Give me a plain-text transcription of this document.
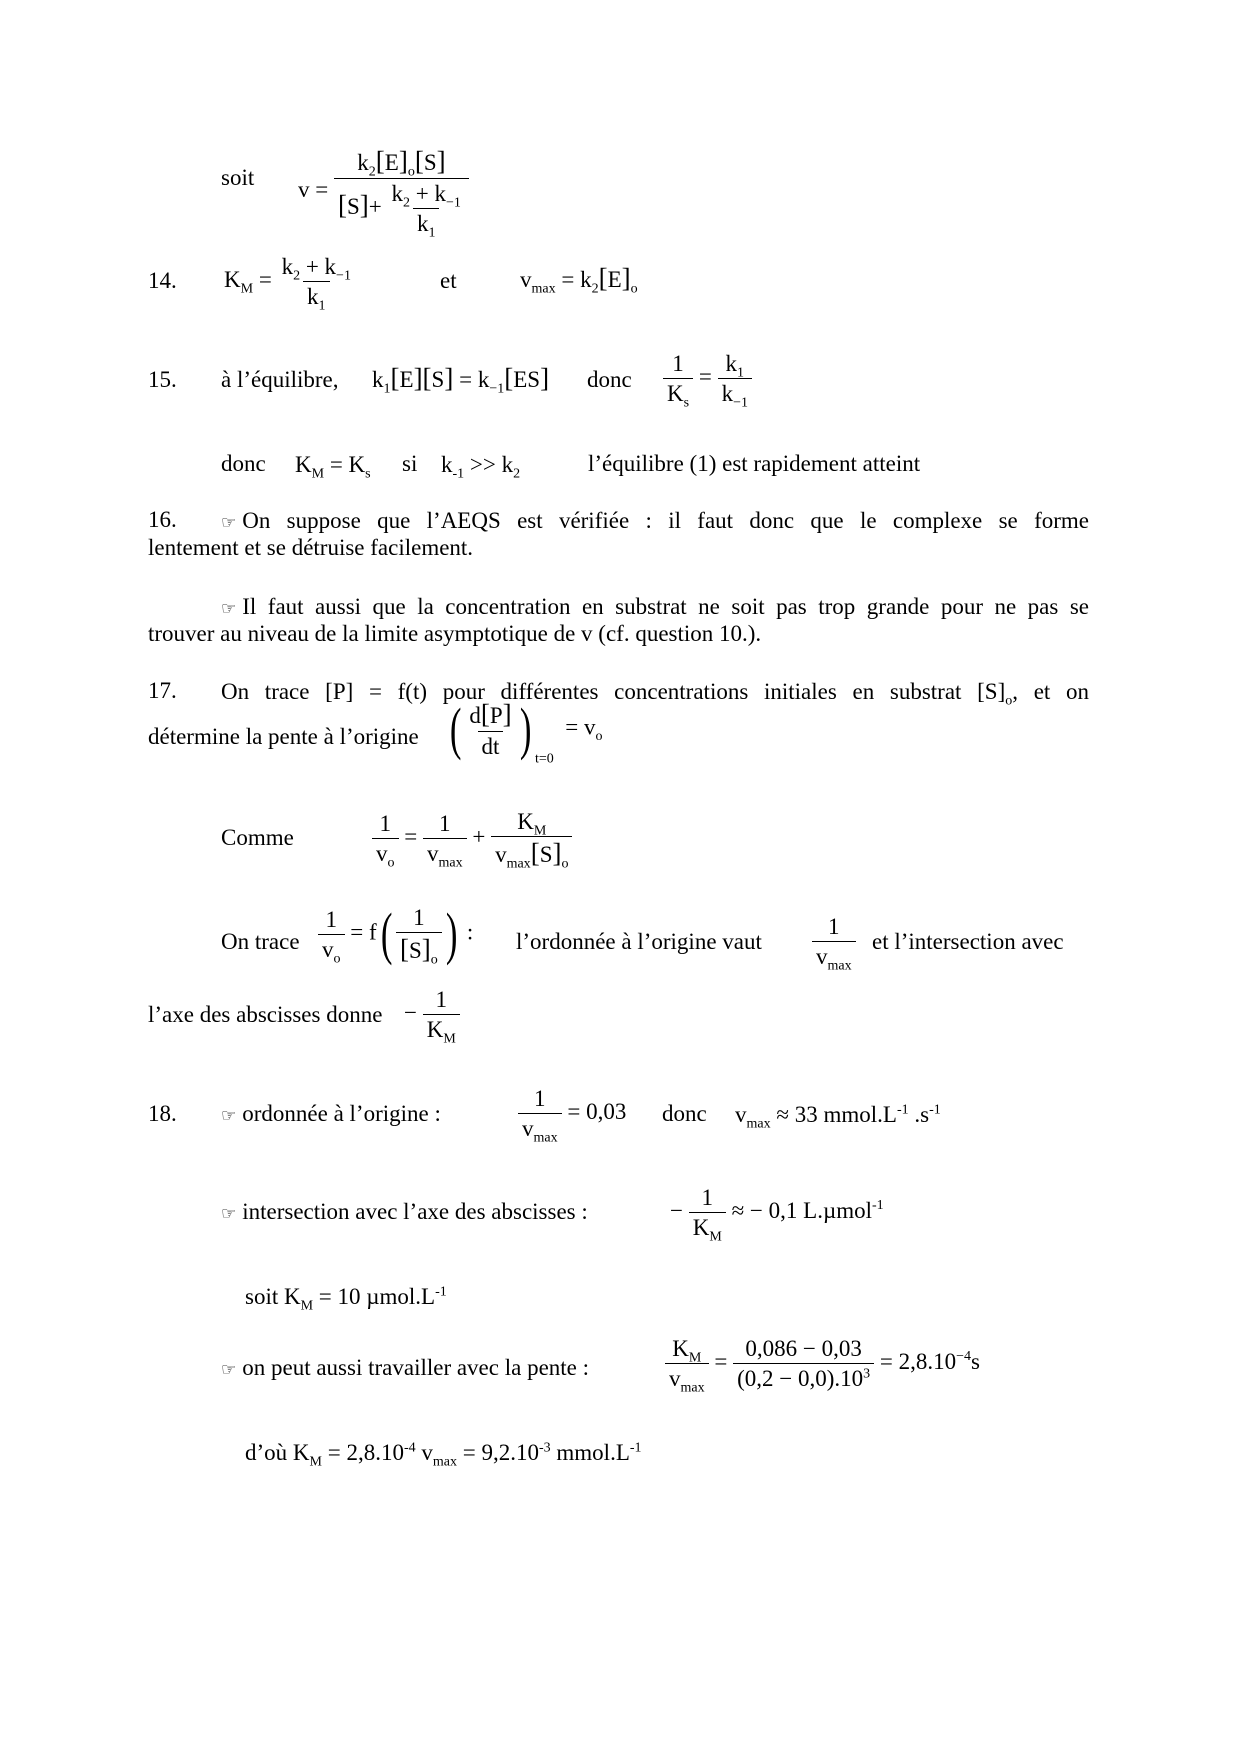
soit $v = \frac{k_2[E]_o[S]}{[S]+ \frac{k_2 + k_{-1}}{k_1}}$
14. $K_M = \frac{k_2 + k_{-1}}{k_1}$	et	$v_{max} = k_2[E]_o$
15. à l’équilibre, $k_1[E][S] = k_{-1}[ES]$ donc $\frac{1}{K_s} = \frac{k_1}{k_{-1}}$
donc $K_M = K_s$ si $k_{-1} >> k_2$	l’équilibre (1) est rapidement atteint
16.	☞ On suppose que l’AEQS est vérifiée : il faut donc que le complexe se forme
lentement et se détruise facilement.
☞ Il faut aussi que la concentration en substrat ne soit pas trop grande pour ne pas se
trouver au niveau de la limite asymptotique de v (cf. question 10.).
17. On trace [P] = f(t) pour différentes concentrations initiales en substrat $[S]_o$, et on
détermine la pente à l’origine ( $\frac{d[P]}{dt}$ ) $_{t=0} = v_o$
Comme	$\frac{1}{v_o} = \frac{1}{v_{max}} + \frac{K_M}{v_{max}[S]_o}$
On trace $\frac{1}{v_o} = f( \frac{1}{[S]_o}$ ) : l’ordonnée à l’origine vaut $\frac{1}{v_{max}}$ et l’intersection avec
l’axe des abscisses donne − $\frac{1}{K_M}$
18.	☞ ordonnée à l’origine :	$\frac{1}{v_{max}} = 0,03$ donc $v_{max} \approx 33$ $mmol.L^{-1}$ $.s^{-1}$
☞ intersection avec l’axe des abscisses :	− $\frac{1}{K_M}$ ≈ − 0,1 L.µmol$^{-1}$
soit $K_M = 10$ $\mu mol.L^{-1}$
☞ on peut aussi travailler avec la pente :	$\frac{K_M}{v_{max}} = \frac{0,086 - 0,03}{(0,2 - 0,0).10^3} = 2,8.10^{-4}s$
d’où $K_M = 2,8.10^{-4}$ $v_{max} = 9,2.10^{-3}$ $mmol.L^{-1}$
